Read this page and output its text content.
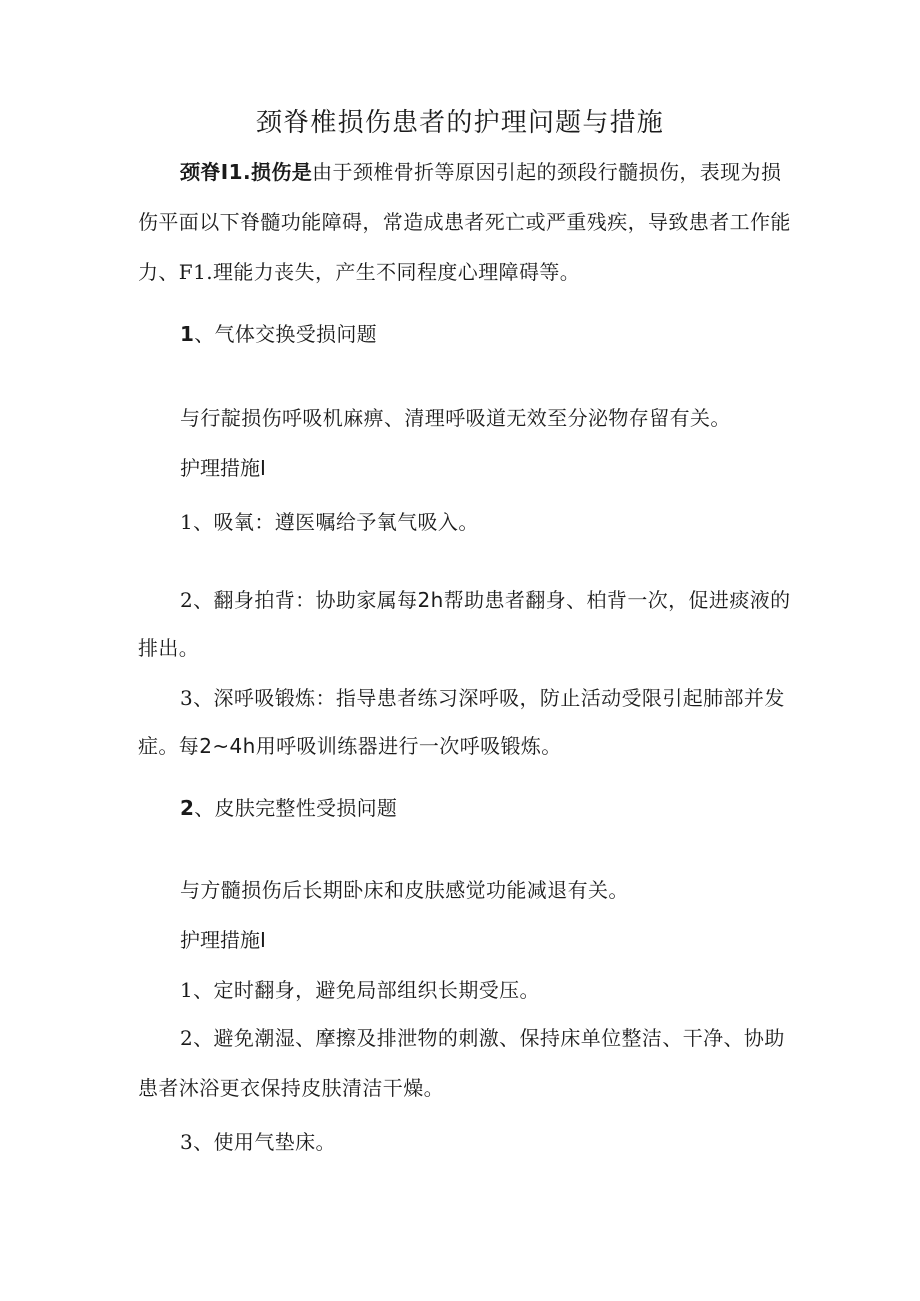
颈脊椎损伤患者的护理问题与措施
颈脊I1.损伤是由于颈椎骨折等原因引起的颈段行髓损伤，表现为损
伤平面以下脊髓功能障碍，常造成患者死亡或严重残疾，导致患者工作能
力、F1.理能力丧失，产生不同程度心理障碍等。
1、气体交换受损问题
与行靛损伤呼吸机麻痹、清理呼吸道无效至分泌物存留有关。
护理措施I
1、吸氧：遵医嘱给予氧气吸入。
2、翻身拍背：协助家属每2h帮助患者翻身、柏背一次，促进痰液的
排出。
3、深呼吸锻炼：指导患者练习深呼吸，防止活动受限引起肺部并发
症。每2~4h用呼吸训练器进行一次呼吸锻炼。
2、皮肤完整性受损问题
与方髓损伤后长期卧床和皮肤感觉功能减退有关。
护理措施I
1、定时翻身，避免局部组织长期受压。
2、避免潮湿、摩擦及排泄物的刺激、保持床单位整洁、干净、协助
患者沐浴更衣保持皮肤清洁干燥。
3、使用气垫床。
